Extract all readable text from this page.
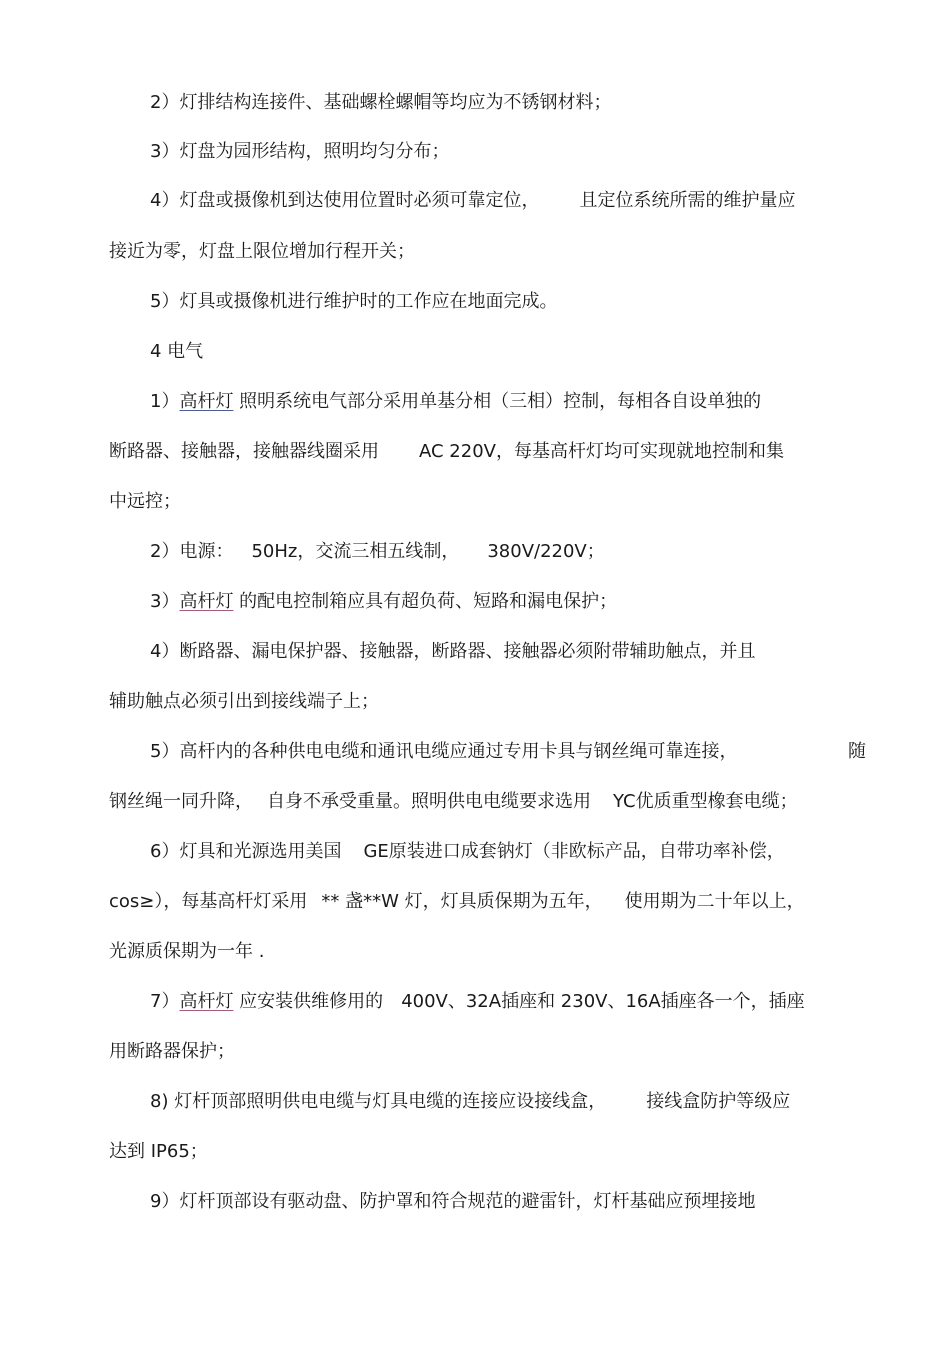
2）灯排结构连接件、基础螺栓螺帽等均应为不锈钢材料；
3）灯盘为园形结构，照明均匀分布；
4）灯盘或摄像机到达使用位置时必须可靠定位， 且定位系统所需的维护量应
接近为零，灯盘上限位增加行程开关；
5）灯具或摄像机进行维护时的工作应在地面完成。
4 电气
1）高杆灯 照明系统电气部分采用单基分相（三相）控制，每相各自设单独的
断路器、接触器，接触器线圈采用 AC 220V，每基高杆灯均可实现就地控制和集
中远控；
2）电源： 50Hz，交流三相五线制， 380V/220V；
3）高杆灯 的配电控制箱应具有超负荷、短路和漏电保护；
4）断路器、漏电保护器、接触器，断路器、接触器必须附带辅助触点，并且
辅助触点必须引出到接线端子上；
5）高杆内的各种供电电缆和通讯电缆应通过专用卡具与钢丝绳可靠连接，	随
钢丝绳一同升降， 自身不承受重量。照明供电电缆要求选用 YC优质重型橡套电缆；
6）灯具和光源选用美国 GE原装进口成套钠灯（非欧标产品，自带功率补偿，
cos≥），每基高杆灯采用 ** 盏**W 灯，灯具质保期为五年， 使用期为二十年以上，
光源质保期为一年 .
7）高杆灯 应安装供维修用的 400V、32A插座和 230V、16A插座各一个，插座
用断路器保护；
8) 灯杆顶部照明供电电缆与灯具电缆的连接应设接线盒， 接线盒防护等级应
达到 IP65；
9）灯杆顶部设有驱动盘、防护罩和符合规范的避雷针，灯杆基础应预埋接地
